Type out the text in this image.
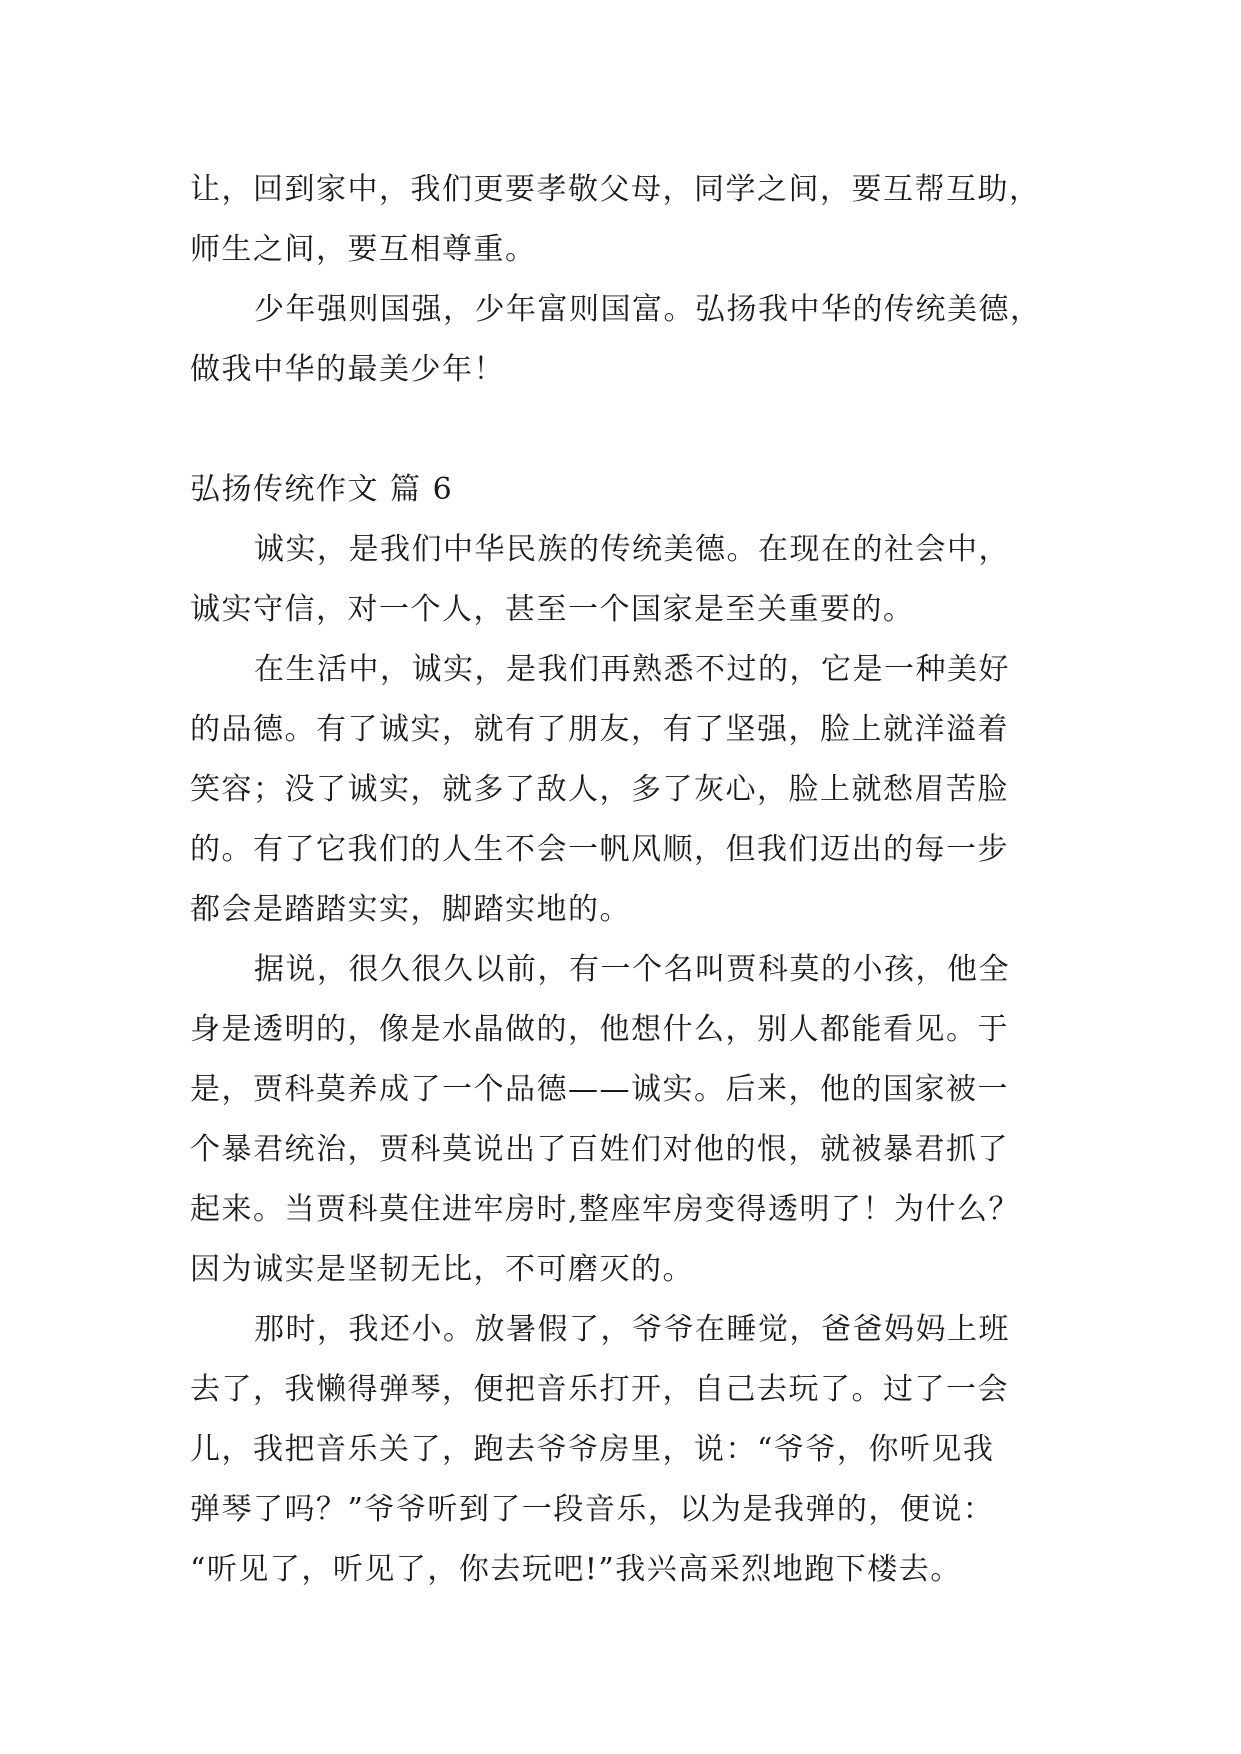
让，回到家中，我们更要孝敬父母，同学之间，要互帮互助，
师生之间，要互相尊重。
少年强则国强，少年富则国富。弘扬我中华的传统美德，
做我中华的最美少年！
弘扬传统作文 篇 6
诚实，是我们中华民族的传统美德。在现在的社会中，
诚实守信，对一个人，甚至一个国家是至关重要的。
在生活中，诚实，是我们再熟悉不过的，它是一种美好
的品德。有了诚实，就有了朋友，有了坚强，脸上就洋溢着
笑容；没了诚实，就多了敌人，多了灰心，脸上就愁眉苦脸
的。有了它我们的人生不会一帆风顺，但我们迈出的每一步
都会是踏踏实实，脚踏实地的。
据说，很久很久以前，有一个名叫贾科莫的小孩，他全
身是透明的，像是水晶做的，他想什么，别人都能看见。于
是，贾科莫养成了一个品德——诚实。后来，他的国家被一
个暴君统治，贾科莫说出了百姓们对他的恨，就被暴君抓了
起来。当贾科莫住进牢房时,整座牢房变得透明了！为什么？
因为诚实是坚韧无比，不可磨灭的。
那时，我还小。放暑假了，爷爷在睡觉，爸爸妈妈上班
去了，我懒得弹琴，便把音乐打开，自己去玩了。过了一会
儿，我把音乐关了，跑去爷爷房里，说：“爷爷，你听见我
弹琴了吗？”爷爷听到了一段音乐，以为是我弹的，便说：
“听见了，听见了，你去玩吧!”我兴高采烈地跑下楼去。
